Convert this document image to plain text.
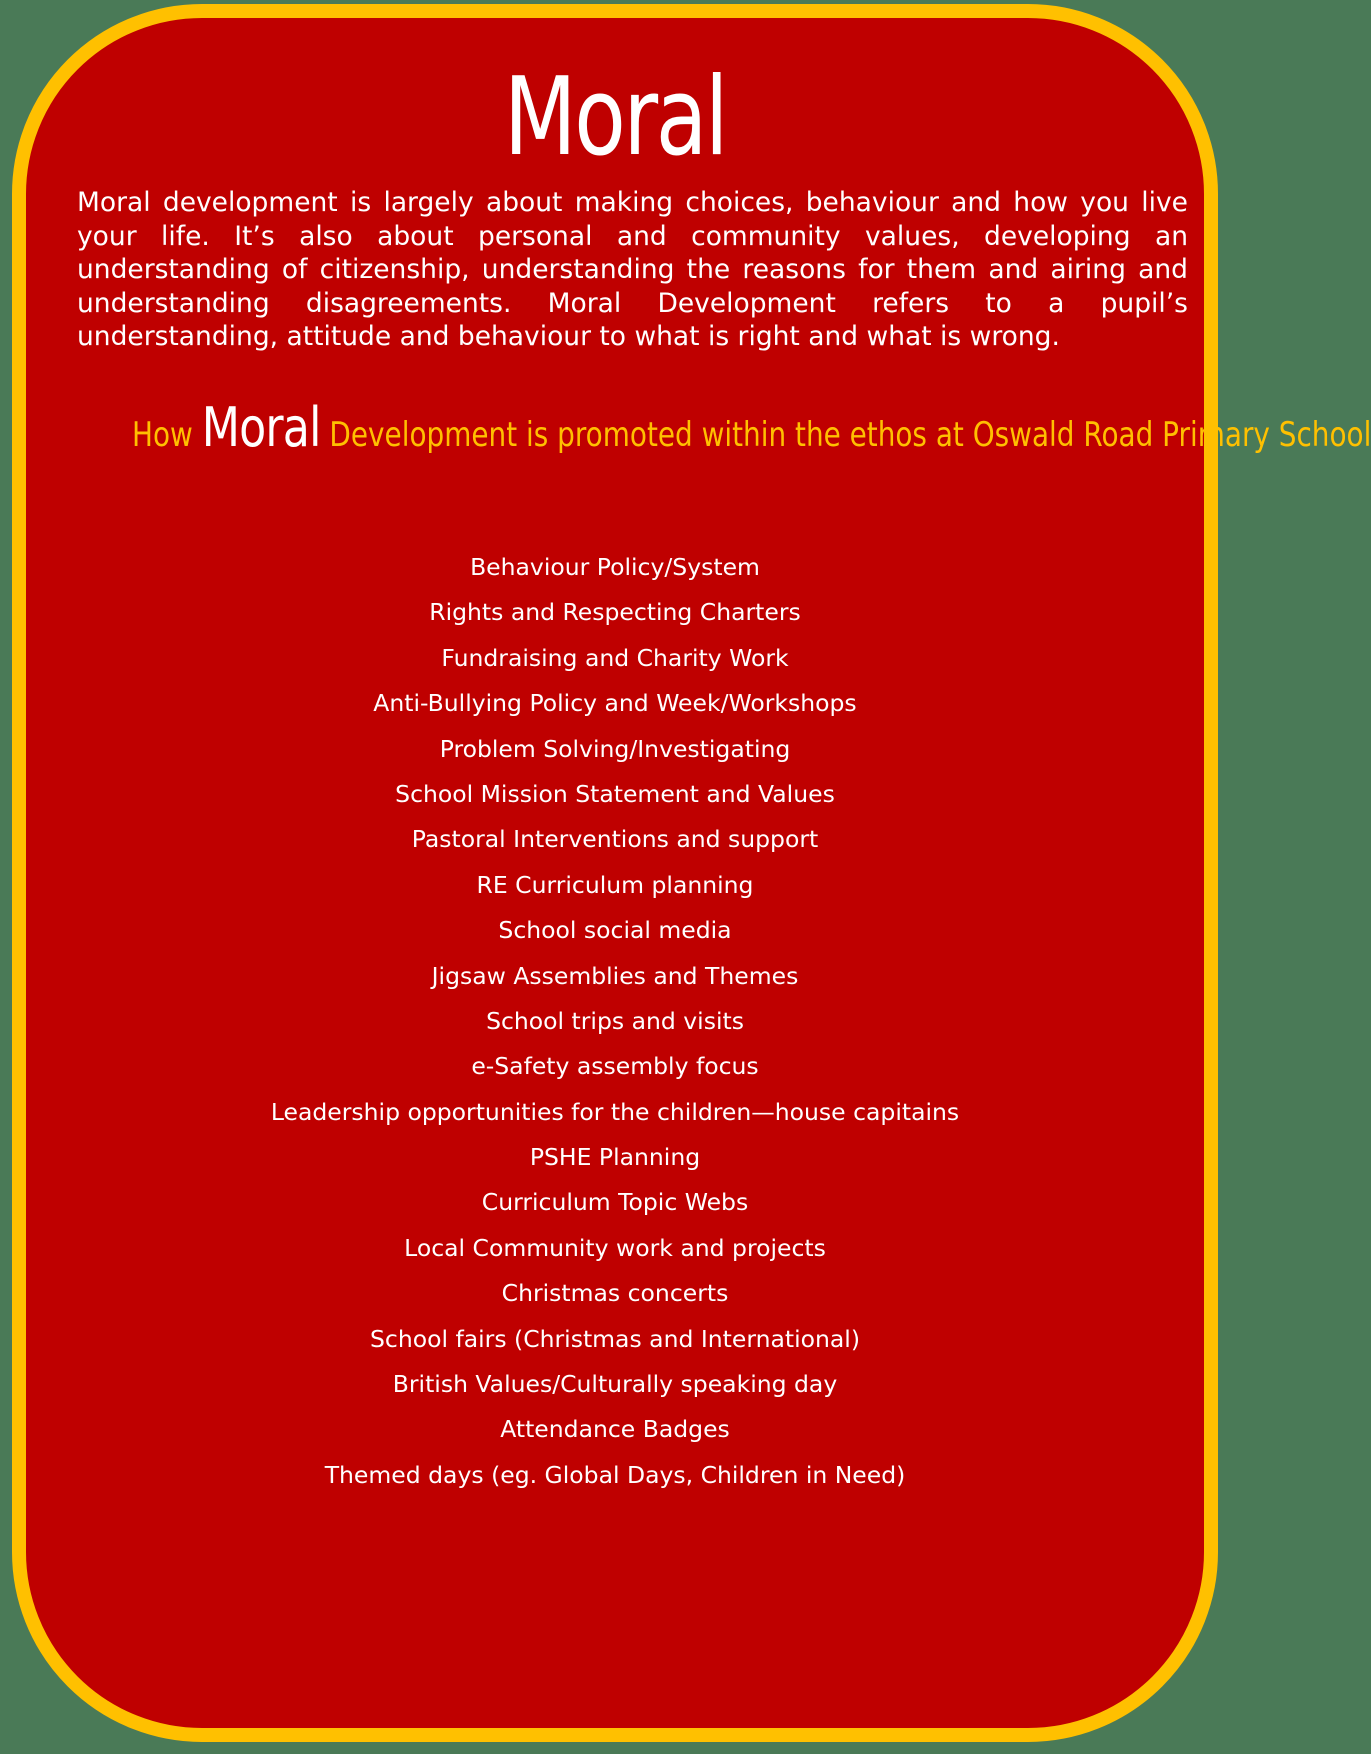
Moral

Moral development is largely about making choices, behaviour and how you live your life. It’s also about personal and community values, developing an understanding of citizenship, understanding the reasons for them and airing and understanding disagreements. Moral Development refers to a pupil’s understanding, attitude and behaviour to what is right and what is wrong.

How Moral Development is promoted within the ethos at Oswald Road Primary School
Behaviour Policy/System
Rights and Respecting Charters
Fundraising and Charity Work
Anti-Bullying Policy and Week/Workshops
Problem Solving/Investigating
School Mission Statement and Values
Pastoral Interventions and support
RE Curriculum planning
School social media
Jigsaw Assemblies and Themes
School trips and visits
e-Safety assembly focus
Leadership opportunities for the children—house capitains
PSHE Planning
Curriculum Topic Webs
Local Community work and projects
Christmas concerts
School fairs (Christmas and International)
British Values/Culturally speaking day
Attendance Badges
Themed days (eg. Global Days, Children in Need)
